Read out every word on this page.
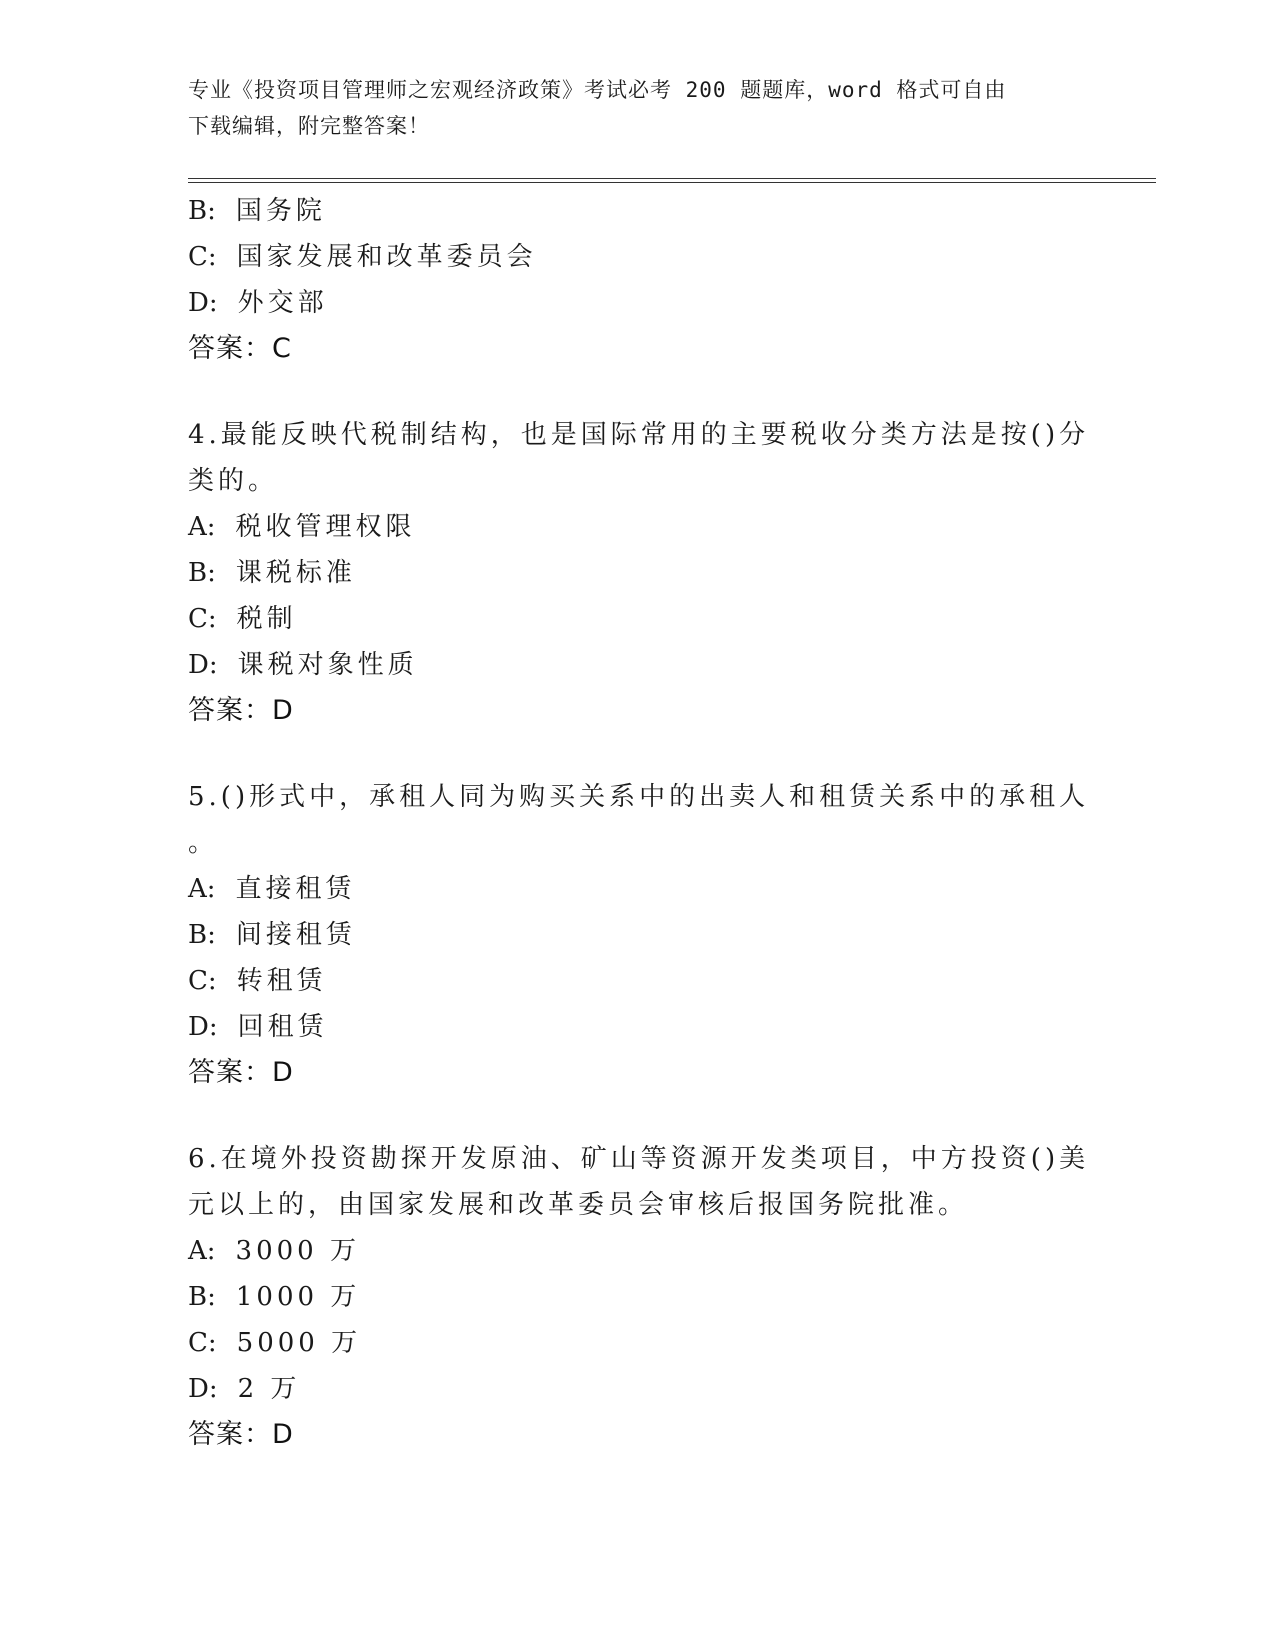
专业《投资项目管理师之宏观经济政策》考试必考 200 题题库，word 格式可自由
下载编辑，附完整答案！
B: 国务院
C: 国家发展和改革委员会
D: 外交部
答案：C
4.最能反映代税制结构，也是国际常用的主要税收分类方法是按()分
类的。
A: 税收管理权限
B: 课税标准
C: 税制
D: 课税对象性质
答案：D
5.()形式中，承租人同为购买关系中的出卖人和租赁关系中的承租人
。
A: 直接租赁
B: 间接租赁
C: 转租赁
D: 回租赁
答案：D
6.在境外投资勘探开发原油、矿山等资源开发类项目，中方投资()美
元以上的，由国家发展和改革委员会审核后报国务院批准。
A: 3000 万
B: 1000 万
C: 5000 万
D: 2 万
答案：D
